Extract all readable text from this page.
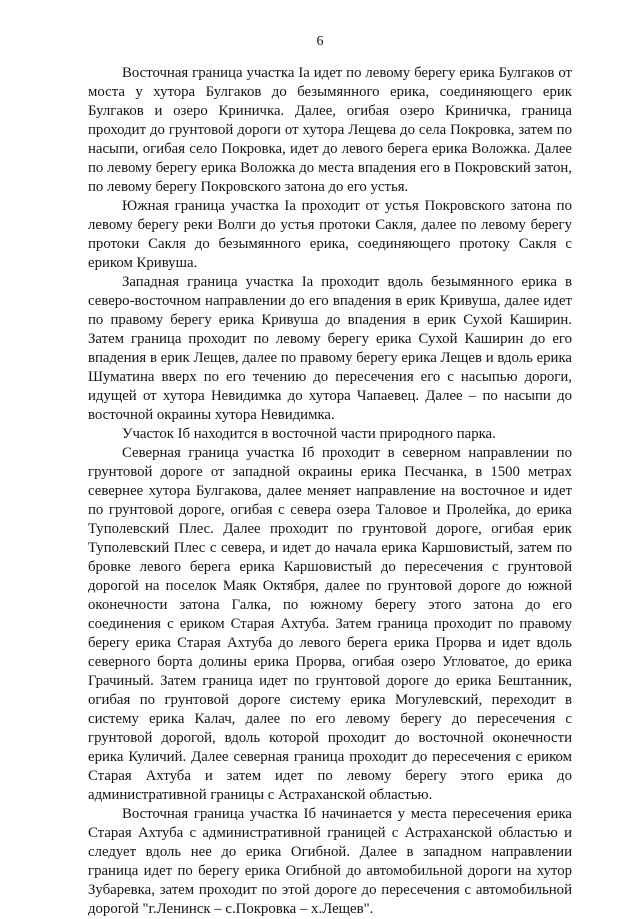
6

Восточная граница участка Iа идет по левому берегу ерика Булгаков от моста у хутора Булгаков до безымянного ерика, соединяющего ерик Булгаков и озеро Криничка. Далее, огибая озеро Криничка, граница проходит до грунтовой дороги от хутора Лещева до села Покровка, затем по насыпи, огибая село Покровка, идет до левого берега ерика Воложка. Далее по левому берегу ерика Воложка до места впадения его в Покровский затон, по левому берегу Покровского затона до его устья.

Южная граница участка Iа проходит от устья Покровского затона по левому берегу реки Волги до устья протоки Сакля, далее по левому берегу протоки Сакля до безымянного ерика, соединяющего протоку Сакля с ериком Кривуша.

Западная граница участка Iа проходит вдоль безымянного ерика в северо-восточном направлении до его впадения в ерик Кривуша, далее идет по правому берегу ерика Кривуша до впадения в ерик Сухой Каширин. Затем граница проходит по левому берегу ерика Сухой Каширин до его впадения в ерик Лещев, далее по правому берегу ерика Лещев и вдоль ерика Шуматина вверх по его течению до пересечения его с насыпью дороги, идущей от хутора Невидимка до хутора Чапаевец. Далее – по насыпи до восточной окраины хутора Невидимка.

Участок Iб находится в восточной части природного парка.

Северная граница участка Iб проходит в северном направлении по грунтовой дороге от западной окраины ерика Песчанка, в 1500 метрах севернее хутора Булгакова, далее меняет направление на восточное и идет по грунтовой дороге, огибая с севера озера Таловое и Пролейка, до ерика Туполевский Плес. Далее проходит по грунтовой дороге, огибая ерик Туполевский Плес с севера, и идет до начала ерика Каршовистый, затем по бровке левого берега ерика Каршовистый до пересечения с грунтовой дорогой на поселок Маяк Октября, далее по грунтовой дороге до южной оконечности затона Галка, по южному берегу этого затона до его соединения с ериком Старая Ахтуба. Затем граница проходит по правому берегу ерика Старая Ахтуба до левого берега ерика Прорва и идет вдоль северного борта долины ерика Прорва, огибая озеро Угловатое, до ерика Грачиный. Затем граница идет по грунтовой дороге до ерика Бештанник, огибая по грунтовой дороге систему ерика Могулевский, переходит в систему ерика Калач, далее по его левому берегу до пересечения с грунтовой дорогой, вдоль которой проходит до восточной оконечности ерика Куличий. Далее северная граница проходит до пересечения с ериком Старая Ахтуба и затем идет по левому берегу этого ерика до административной границы с Астраханской областью.

Восточная граница участка Iб начинается у места пересечения ерика Старая Ахтуба с административной границей с Астраханской областью и следует вдоль нее до ерика Огибной. Далее в западном направлении граница идет по берегу ерика Огибной до автомобильной дороги на хутор Зубаревка, затем проходит по этой дороге до пересечения с автомобильной дорогой "г.Ленинск – с.Покровка – х.Лещев".
